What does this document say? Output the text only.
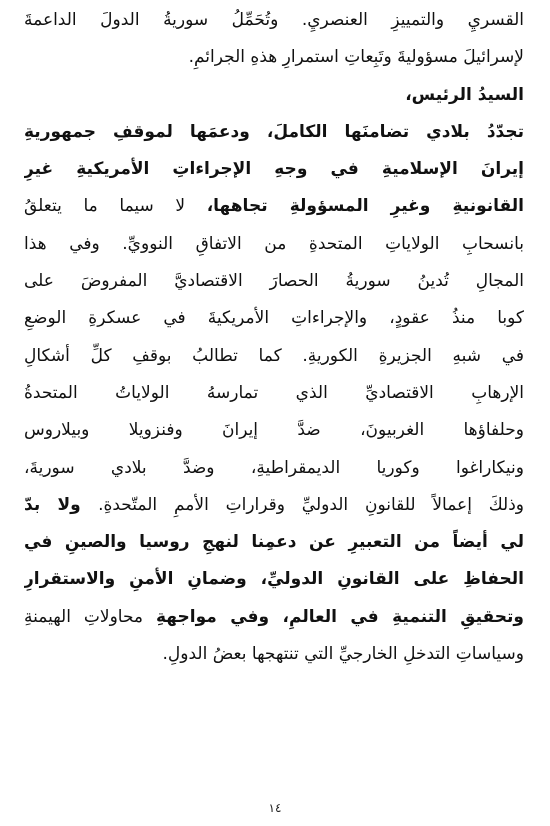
القسريِ والتمييزِ العنصريِ. وتُحَمِّلُ سوريةُ الدولَ الداعمةَ
لإسرائيلَ مسؤوليةَ وتَبِعاتِ استمرارِ هذهِ الجرائمِ.
السيدُ الرئيس،
تجدّدُ بلادي تضامنَها الكاملَ، ودعمَها لموقفِ جمهوريةِ
إيرانَ الإسلاميةِ في وجهِ الإجراءاتِ الأمريكيةِ غيرِ
القانونيةِ وغيرِ المسؤولةِ تجاهها، لا سيما ما يتعلقُ
بانسحابِ الولاياتِ المتحدةِ من الاتفاقِ النوويِّ. وفي هذا
المجالِ تُدينُ سوريةُ الحصارَ الاقتصاديَّ المفروضَ على
كوبا منذُ عقودٍ، والإجراءاتِ الأمريكيةَ في عسكرةِ الوضعِ
في شبهِ الجزيرةِ الكوريةِ. كما تطالبُ بوقفِ كلِّ أشكالِ
الإرهابِ الاقتصاديِّ الذي تمارسهُ الولاياتُ المتحدةُ
وحلفاؤها الغربيونَ، ضدَّ إيرانَ وفنزويلا وبيلاروس
ونيكاراغوا وكوريا الديمقراطيةِ، وضدَّ بلادي سوريةَ،
وذلكَ إعمالاً للقانونِ الدوليِّ وقراراتِ الأممِ المتّحدةِ. ولا بدّ
لي أيضاً من التعبيرِ عن دعمِنا لنهجِ روسيا والصينِ في
الحفاظِ على القانونِ الدوليِّ، وضمانِ الأمنِ والاستقرارِ
وتحقيقِ التنميةِ في العالمِ، وفي مواجهةِ محاولاتِ الهيمنةِ
وسياساتِ التدخلِ الخارجيِّ التي تنتهجها بعضُ الدولِ.
١٤
